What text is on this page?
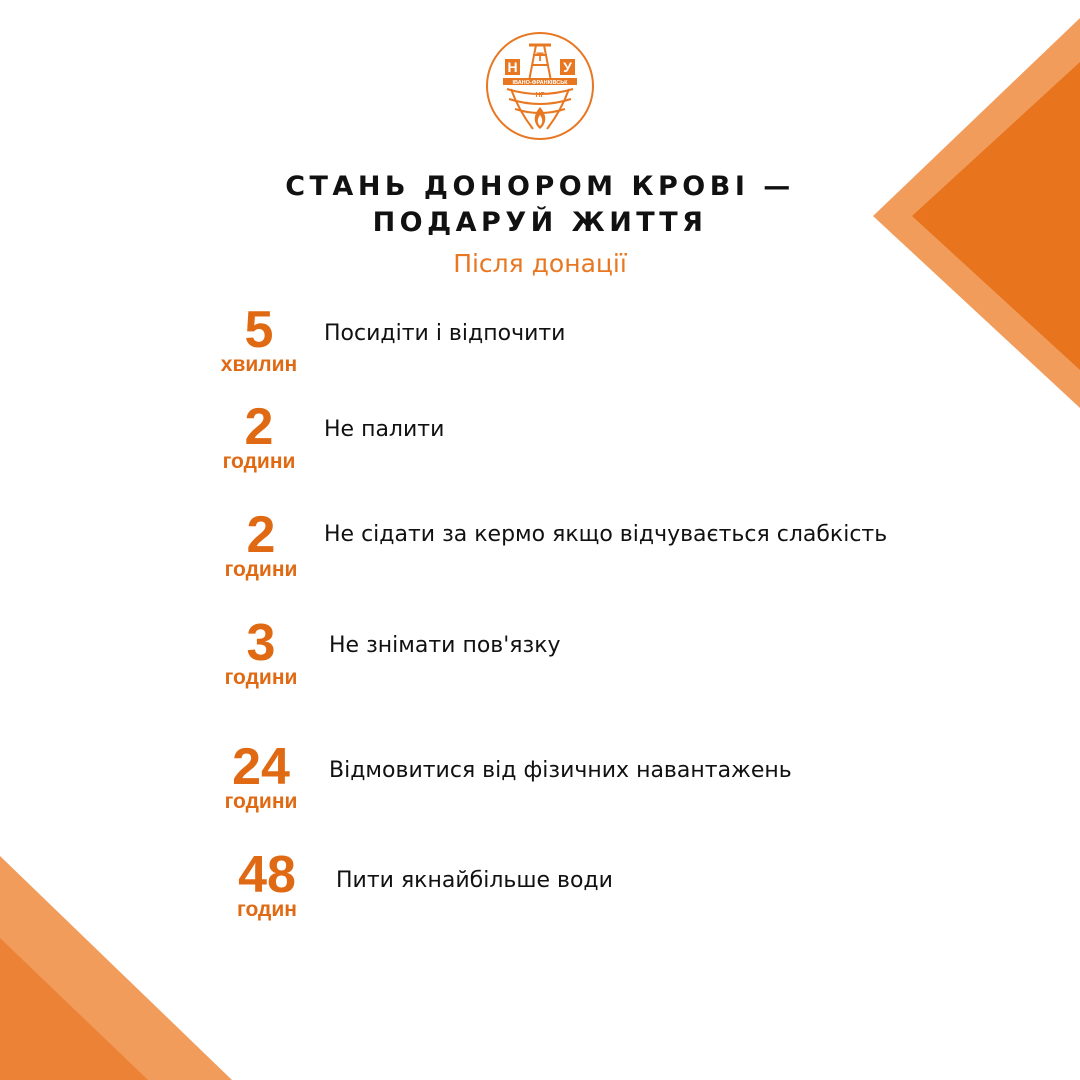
Н
Т
У
ІВАНО-ФРАНКІВСЬК
НГ
СТАНЬ ДОНОРОМ КРОВІ —
ПОДАРУЙ ЖИТТЯ
Після донації
5
хвилин
Посидіти і відпочити
2
години
Не палити
2
години
Не сідати за кермо якщо відчувається слабкість
3
години
Не знімати пов'язку
24
години
Відмовитися від фізичних навантажень
48
годин
Пити якнайбільше води
